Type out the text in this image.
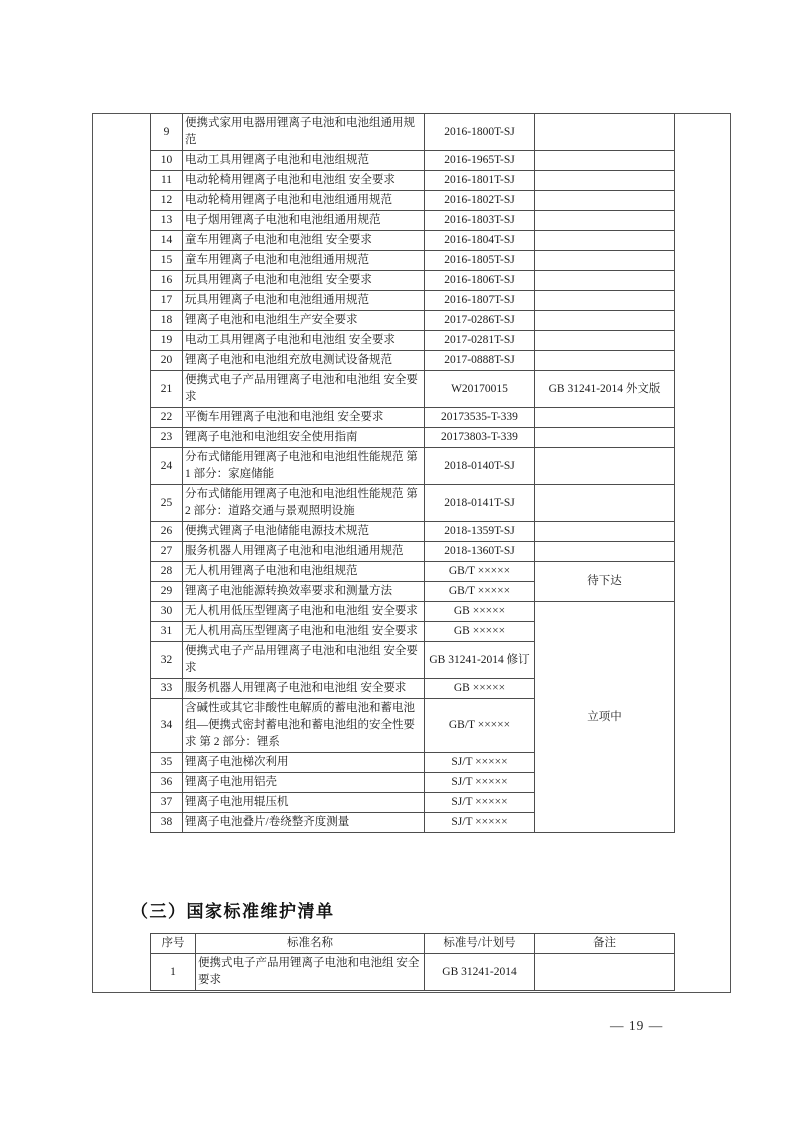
9	便携式家用电器用锂离子电池和电池组通用规范	2016-1800T-SJ	
10	电动工具用锂离子电池和电池组规范	2016-1965T-SJ	
11	电动轮椅用锂离子电池和电池组 安全要求	2016-1801T-SJ	
12	电动轮椅用锂离子电池和电池组通用规范	2016-1802T-SJ	
13	电子烟用锂离子电池和电池组通用规范	2016-1803T-SJ	
14	童车用锂离子电池和电池组 安全要求	2016-1804T-SJ	
15	童车用锂离子电池和电池组通用规范	2016-1805T-SJ	
16	玩具用锂离子电池和电池组 安全要求	2016-1806T-SJ	
17	玩具用锂离子电池和电池组通用规范	2016-1807T-SJ	
18	锂离子电池和电池组生产安全要求	2017-0286T-SJ	
19	电动工具用锂离子电池和电池组 安全要求	2017-0281T-SJ	
20	锂离子电池和电池组充放电测试设备规范	2017-0888T-SJ	
21	便携式电子产品用锂离子电池和电池组 安全要求	W20170015	GB 31241-2014 外文版
22	平衡车用锂离子电池和电池组 安全要求	20173535-T-339	
23	锂离子电池和电池组安全使用指南	20173803-T-339	
24	分布式储能用锂离子电池和电池组性能规范 第 1 部分：家庭储能	2018-0140T-SJ	
25	分布式储能用锂离子电池和电池组性能规范 第 2 部分：道路交通与景观照明设施	2018-0141T-SJ	
26	便携式锂离子电池储能电源技术规范	2018-1359T-SJ	
27	服务机器人用锂离子电池和电池组通用规范	2018-1360T-SJ	
28	无人机用锂离子电池和电池组规范	GB/T ×××××	待下达
29	锂离子电池能源转换效率要求和测量方法	GB/T ×××××	
30	无人机用低压型锂离子电池和电池组 安全要求	GB ×××××	立项中
31	无人机用高压型锂离子电池和电池组 安全要求	GB ×××××	
32	便携式电子产品用锂离子电池和电池组 安全要求	GB 31241-2014 修订	
33	服务机器人用锂离子电池和电池组 安全要求	GB ×××××	
34	含碱性或其它非酸性电解质的蓄电池和蓄电池组—便携式密封蓄电池和蓄电池组的安全性要求 第 2 部分：锂系	GB/T ×××××	
35	锂离子电池梯次利用	SJ/T ×××××	
36	锂离子电池用铝壳	SJ/T ×××××	
37	锂离子电池用辊压机	SJ/T ×××××	
38	锂离子电池叠片/卷绕整齐度测量	SJ/T ×××××	
（三）国家标准维护清单
序号	标准名称	标准号/计划号	备注
1	便携式电子产品用锂离子电池和电池组 安全要求	GB 31241-2014	
— 19 —
